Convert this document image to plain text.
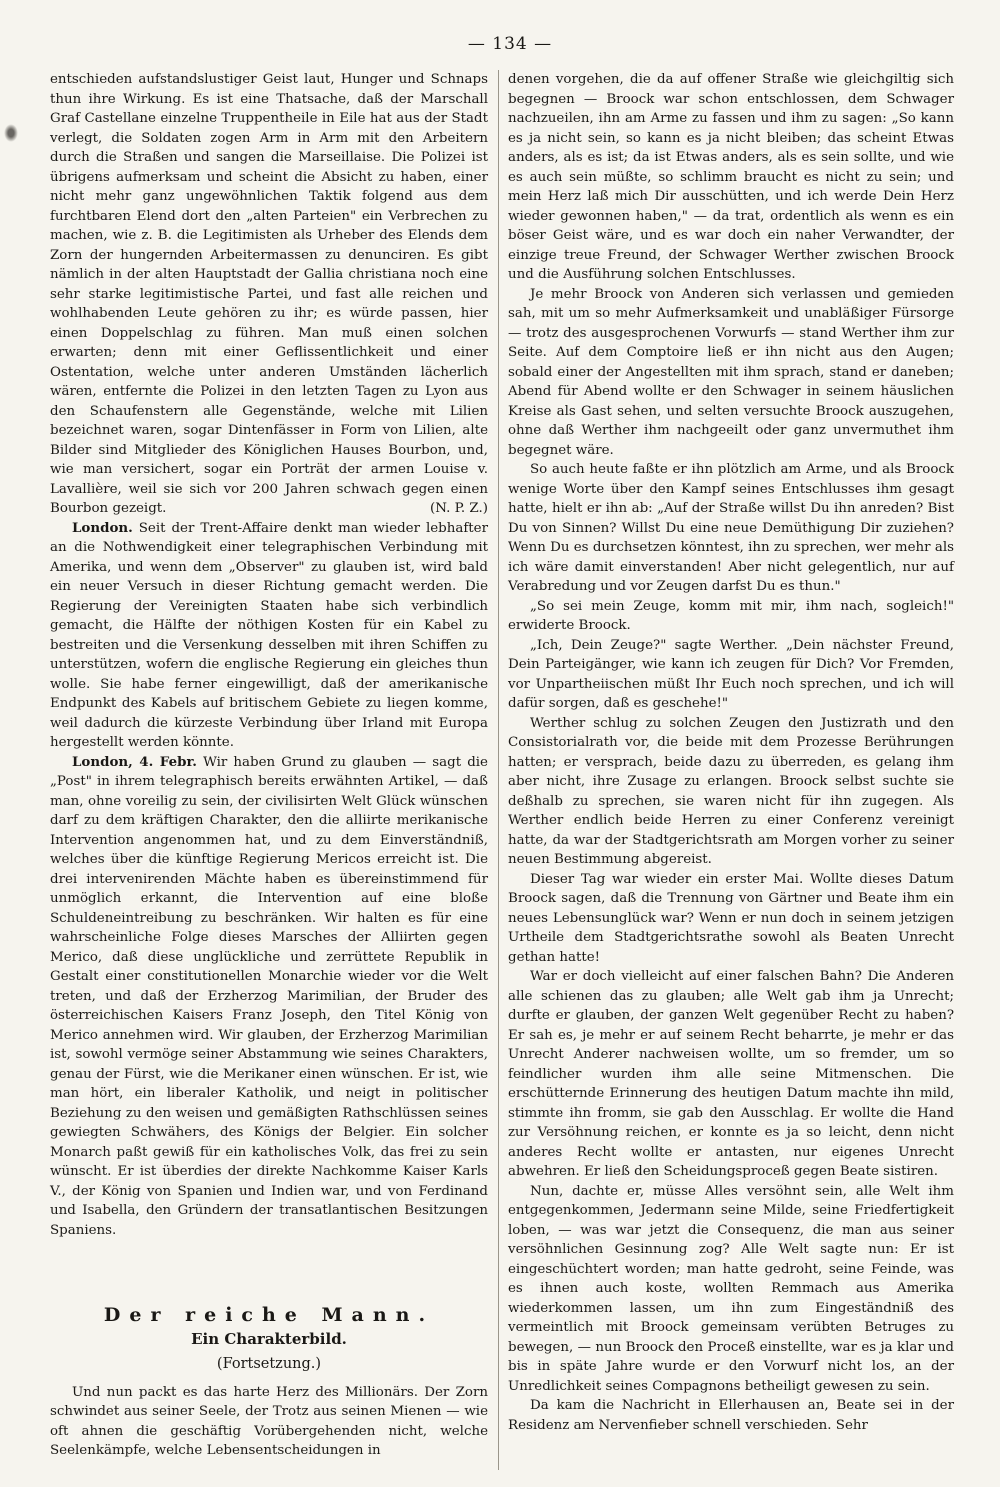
— 134 —

entschieden aufstandslustiger Geist laut, Hunger und Schnaps thun ihre Wirkung. Es ist eine Thatsache, daß der Marschall Graf Castellane einzelne Truppentheile in Eile hat aus der Stadt verlegt, die Soldaten zogen Arm in Arm mit den Arbeitern durch die Straßen und sangen die Marseillaise. Die Polizei ist übrigens aufmerksam und scheint die Absicht zu haben, einer nicht mehr ganz ungewöhnlichen Taktik folgend aus dem furchtbaren Elend dort den „alten Parteien" ein Verbrechen zu machen, wie z. B. die Legitimisten als Urheber des Elends dem Zorn der hungernden Arbeitermassen zu denunciren. Es gibt nämlich in der alten Hauptstadt der Gallia christiana noch eine sehr starke legitimistische Partei, und fast alle reichen und wohlhabenden Leute gehören zu ihr; es würde passen, hier einen Doppelschlag zu führen. Man muß einen solchen erwarten; denn mit einer Geflissentlichkeit und einer Ostentation, welche unter anderen Umständen lächerlich wären, entfernte die Polizei in den letzten Tagen zu Lyon aus den Schaufenstern alle Gegenstände, welche mit Lilien bezeichnet waren, sogar Dintenfässer in Form von Lilien, alte Bilder sind Mitglieder des Königlichen Hauses Bourbon, und, wie man versichert, sogar ein Porträt der armen Louise v. Lavallière, weil sie sich vor 200 Jahren schwach gegen einen Bourbon gezeigt.	(N. P. Z.)

London. Seit der Trent-Affaire denkt man wieder lebhafter an die Nothwendigkeit einer telegraphischen Verbindung mit Amerika, und wenn dem „Observer" zu glauben ist, wird bald ein neuer Versuch in dieser Richtung gemacht werden. Die Regierung der Vereinigten Staaten habe sich verbindlich gemacht, die Hälfte der nöthigen Kosten für ein Kabel zu bestreiten und die Versenkung desselben mit ihren Schiffen zu unterstützen, wofern die englische Regierung ein gleiches thun wolle. Sie habe ferner eingewilligt, daß der amerikanische Endpunkt des Kabels auf britischem Gebiete zu liegen komme, weil dadurch die kürzeste Verbindung über Irland mit Europa hergestellt werden könnte.

London, 4. Febr. Wir haben Grund zu glauben — sagt die „Post" in ihrem telegraphisch bereits erwähnten Artikel, — daß man, ohne voreilig zu sein, der civilisirten Welt Glück wünschen darf zu dem kräftigen Charakter, den die alliirte merikanische Intervention angenommen hat, und zu dem Einverständniß, welches über die künftige Regierung Mericos erreicht ist. Die drei intervenirenden Mächte haben es übereinstimmend für unmöglich erkannt, die Intervention auf eine bloße Schuldeneintreibung zu beschränken. Wir halten es für eine wahrscheinliche Folge dieses Marsches der Alliirten gegen Merico, daß diese unglückliche und zerrüttete Republik in Gestalt einer constitutionellen Monarchie wieder vor die Welt treten, und daß der Erzherzog Marimilian, der Bruder des österreichischen Kaisers Franz Joseph, den Titel König von Merico annehmen wird. Wir glauben, der Erzherzog Marimilian ist, sowohl vermöge seiner Abstammung wie seines Charakters, genau der Fürst, wie die Merikaner einen wünschen. Er ist, wie man hört, ein liberaler Katholik, und neigt in politischer Beziehung zu den weisen und gemäßigten Rathschlüssen seines gewiegten Schwähers, des Königs der Belgier. Ein solcher Monarch paßt gewiß für ein katholisches Volk, das frei zu sein wünscht. Er ist überdies der direkte Nachkomme Kaiser Karls V., der König von Spanien und Indien war, und von Ferdinand und Isabella, den Gründern der transatlantischen Besitzungen Spaniens.

Der reiche Mann.

Ein Charakterbild.

(Fortsetzung.)

Und nun packt es das harte Herz des Millionärs. Der Zorn schwindet aus seiner Seele, der Trotz aus seinen Mienen — wie oft ahnen die geschäftig Vorübergehenden nicht, welche Seelenkämpfe, welche Lebensentscheidungen in

denen vorgehen, die da auf offener Straße wie gleichgiltig sich begegnen — Broock war schon entschlossen, dem Schwager nachzueilen, ihn am Arme zu fassen und ihm zu sagen: „So kann es ja nicht sein, so kann es ja nicht bleiben; das scheint Etwas anders, als es ist; da ist Etwas anders, als es sein sollte, und wie es auch sein müßte, so schlimm braucht es nicht zu sein; und mein Herz laß mich Dir ausschütten, und ich werde Dein Herz wieder gewonnen haben," — da trat, ordentlich als wenn es ein böser Geist wäre, und es war doch ein naher Verwandter, der einzige treue Freund, der Schwager Werther zwischen Broock und die Ausführung solchen Entschlusses.

Je mehr Broock von Anderen sich verlassen und gemieden sah, mit um so mehr Aufmerksamkeit und unabläßiger Fürsorge — trotz des ausgesprochenen Vorwurfs — stand Werther ihm zur Seite. Auf dem Comptoire ließ er ihn nicht aus den Augen; sobald einer der Angestellten mit ihm sprach, stand er daneben; Abend für Abend wollte er den Schwager in seinem häuslichen Kreise als Gast sehen, und selten versuchte Broock auszugehen, ohne daß Werther ihm nachgeeilt oder ganz unvermuthet ihm begegnet wäre.

So auch heute faßte er ihn plötzlich am Arme, und als Broock wenige Worte über den Kampf seines Entschlusses ihm gesagt hatte, hielt er ihn ab: „Auf der Straße willst Du ihn anreden? Bist Du von Sinnen? Willst Du eine neue Demüthigung Dir zuziehen? Wenn Du es durchsetzen könntest, ihn zu sprechen, wer mehr als ich wäre damit einverstanden! Aber nicht gelegentlich, nur auf Verabredung und vor Zeugen darfst Du es thun."

„So sei mein Zeuge, komm mit mir, ihm nach, sogleich!" erwiderte Broock.

„Ich, Dein Zeuge?" sagte Werther. „Dein nächster Freund, Dein Parteigänger, wie kann ich zeugen für Dich? Vor Fremden, vor Unpartheiischen müßt Ihr Euch noch sprechen, und ich will dafür sorgen, daß es geschehe!"

Werther schlug zu solchen Zeugen den Justizrath und den Consistorialrath vor, die beide mit dem Prozesse Berührungen hatten; er versprach, beide dazu zu überreden, es gelang ihm aber nicht, ihre Zusage zu erlangen. Broock selbst suchte sie deßhalb zu sprechen, sie waren nicht für ihn zugegen. Als Werther endlich beide Herren zu einer Conferenz vereinigt hatte, da war der Stadtgerichtsrath am Morgen vorher zu seiner neuen Bestimmung abgereist.

Dieser Tag war wieder ein erster Mai. Wollte dieses Datum Broock sagen, daß die Trennung von Gärtner und Beate ihm ein neues Lebensunglück war? Wenn er nun doch in seinem jetzigen Urtheile dem Stadtgerichtsrathe sowohl als Beaten Unrecht gethan hatte!

War er doch vielleicht auf einer falschen Bahn? Die Anderen alle schienen das zu glauben; alle Welt gab ihm ja Unrecht; durfte er glauben, der ganzen Welt gegenüber Recht zu haben? Er sah es, je mehr er auf seinem Recht beharrte, je mehr er das Unrecht Anderer nachweisen wollte, um so fremder, um so feindlicher wurden ihm alle seine Mitmenschen. Die erschütternde Erinnerung des heutigen Datum machte ihn mild, stimmte ihn fromm, sie gab den Ausschlag. Er wollte die Hand zur Versöhnung reichen, er konnte es ja so leicht, denn nicht anderes Recht wollte er antasten, nur eigenes Unrecht abwehren. Er ließ den Scheidungsproceß gegen Beate sistiren.

Nun, dachte er, müsse Alles versöhnt sein, alle Welt ihm entgegenkommen, Jedermann seine Milde, seine Friedfertigkeit loben, — was war jetzt die Consequenz, die man aus seiner versöhnlichen Gesinnung zog? Alle Welt sagte nun: Er ist eingeschüchtert worden; man hatte gedroht, seine Feinde, was es ihnen auch koste, wollten Remmach aus Amerika wiederkommen lassen, um ihn zum Eingeständniß des vermeintlich mit Broock gemeinsam verübten Betruges zu bewegen, — nun Broock den Proceß einstellte, war es ja klar und bis in späte Jahre wurde er den Vorwurf nicht los, an der Unredlichkeit seines Compagnons betheiligt gewesen zu sein.

Da kam die Nachricht in Ellerhausen an, Beate sei in der Residenz am Nervenfieber schnell verschieden. Sehr
